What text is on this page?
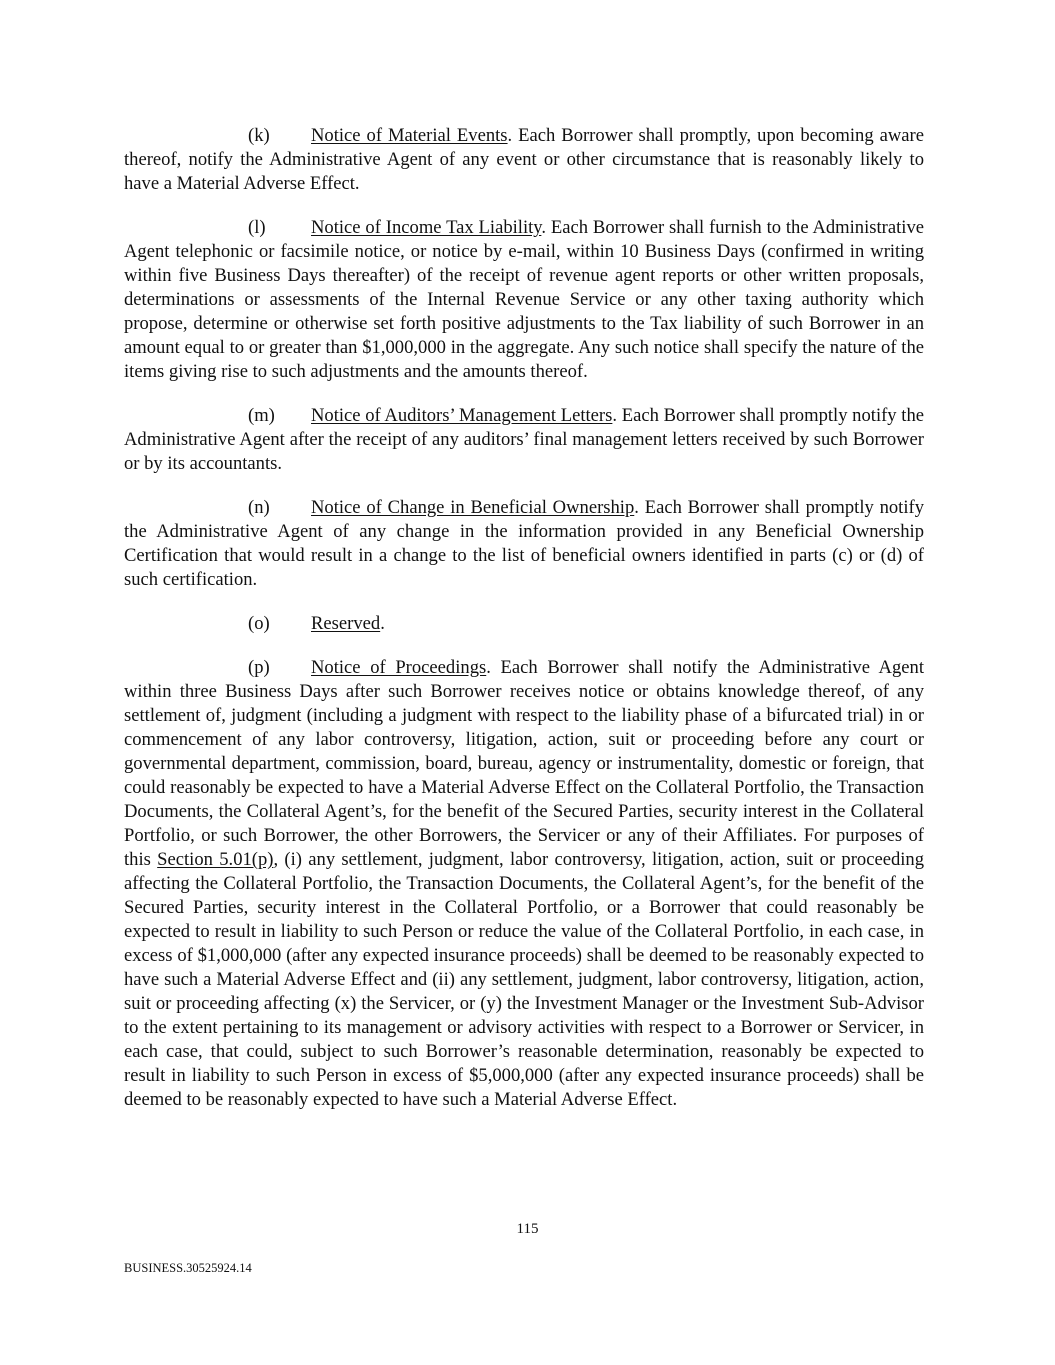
(k) Notice of Material Events. Each Borrower shall promptly, upon becoming aware thereof, notify the Administrative Agent of any event or other circumstance that is reasonably likely to have a Material Adverse Effect.

(l) Notice of Income Tax Liability. Each Borrower shall furnish to the Administrative Agent telephonic or facsimile notice, or notice by e-mail, within 10 Business Days (confirmed in writing within five Business Days thereafter) of the receipt of revenue agent reports or other written proposals, determinations or assessments of the Internal Revenue Service or any other taxing authority which propose, determine or otherwise set forth positive adjustments to the Tax liability of such Borrower in an amount equal to or greater than $1,000,000 in the aggregate. Any such notice shall specify the nature of the items giving rise to such adjustments and the amounts thereof.

(m) Notice of Auditors’ Management Letters. Each Borrower shall promptly notify the Administrative Agent after the receipt of any auditors’ final management letters received by such Borrower or by its accountants.

(n) Notice of Change in Beneficial Ownership. Each Borrower shall promptly notify the Administrative Agent of any change in the information provided in any Beneficial Ownership Certification that would result in a change to the list of beneficial owners identified in parts (c) or (d) of such certification.

(o) Reserved.

(p) Notice of Proceedings. Each Borrower shall notify the Administrative Agent within three Business Days after such Borrower receives notice or obtains knowledge thereof, of any settlement of, judgment (including a judgment with respect to the liability phase of a bifurcated trial) in or commencement of any labor controversy, litigation, action, suit or proceeding before any court or governmental department, commission, board, bureau, agency or instrumentality, domestic or foreign, that could reasonably be expected to have a Material Adverse Effect on the Collateral Portfolio, the Transaction Documents, the Collateral Agent’s, for the benefit of the Secured Parties, security interest in the Collateral Portfolio, or such Borrower, the other Borrowers, the Servicer or any of their Affiliates. For purposes of this Section 5.01(p), (i) any settlement, judgment, labor controversy, litigation, action, suit or proceeding affecting the Collateral Portfolio, the Transaction Documents, the Collateral Agent’s, for the benefit of the Secured Parties, security interest in the Collateral Portfolio, or a Borrower that could reasonably be expected to result in liability to such Person or reduce the value of the Collateral Portfolio, in each case, in excess of $1,000,000 (after any expected insurance proceeds) shall be deemed to be reasonably expected to have such a Material Adverse Effect and (ii) any settlement, judgment, labor controversy, litigation, action, suit or proceeding affecting (x) the Servicer, or (y) the Investment Manager or the Investment Sub-Advisor to the extent pertaining to its management or advisory activities with respect to a Borrower or Servicer, in each case, that could, subject to such Borrower’s reasonable determination, reasonably be expected to result in liability to such Person in excess of $5,000,000 (after any expected insurance proceeds) shall be deemed to be reasonably expected to have such a Material Adverse Effect.

115
BUSINESS.30525924.14
